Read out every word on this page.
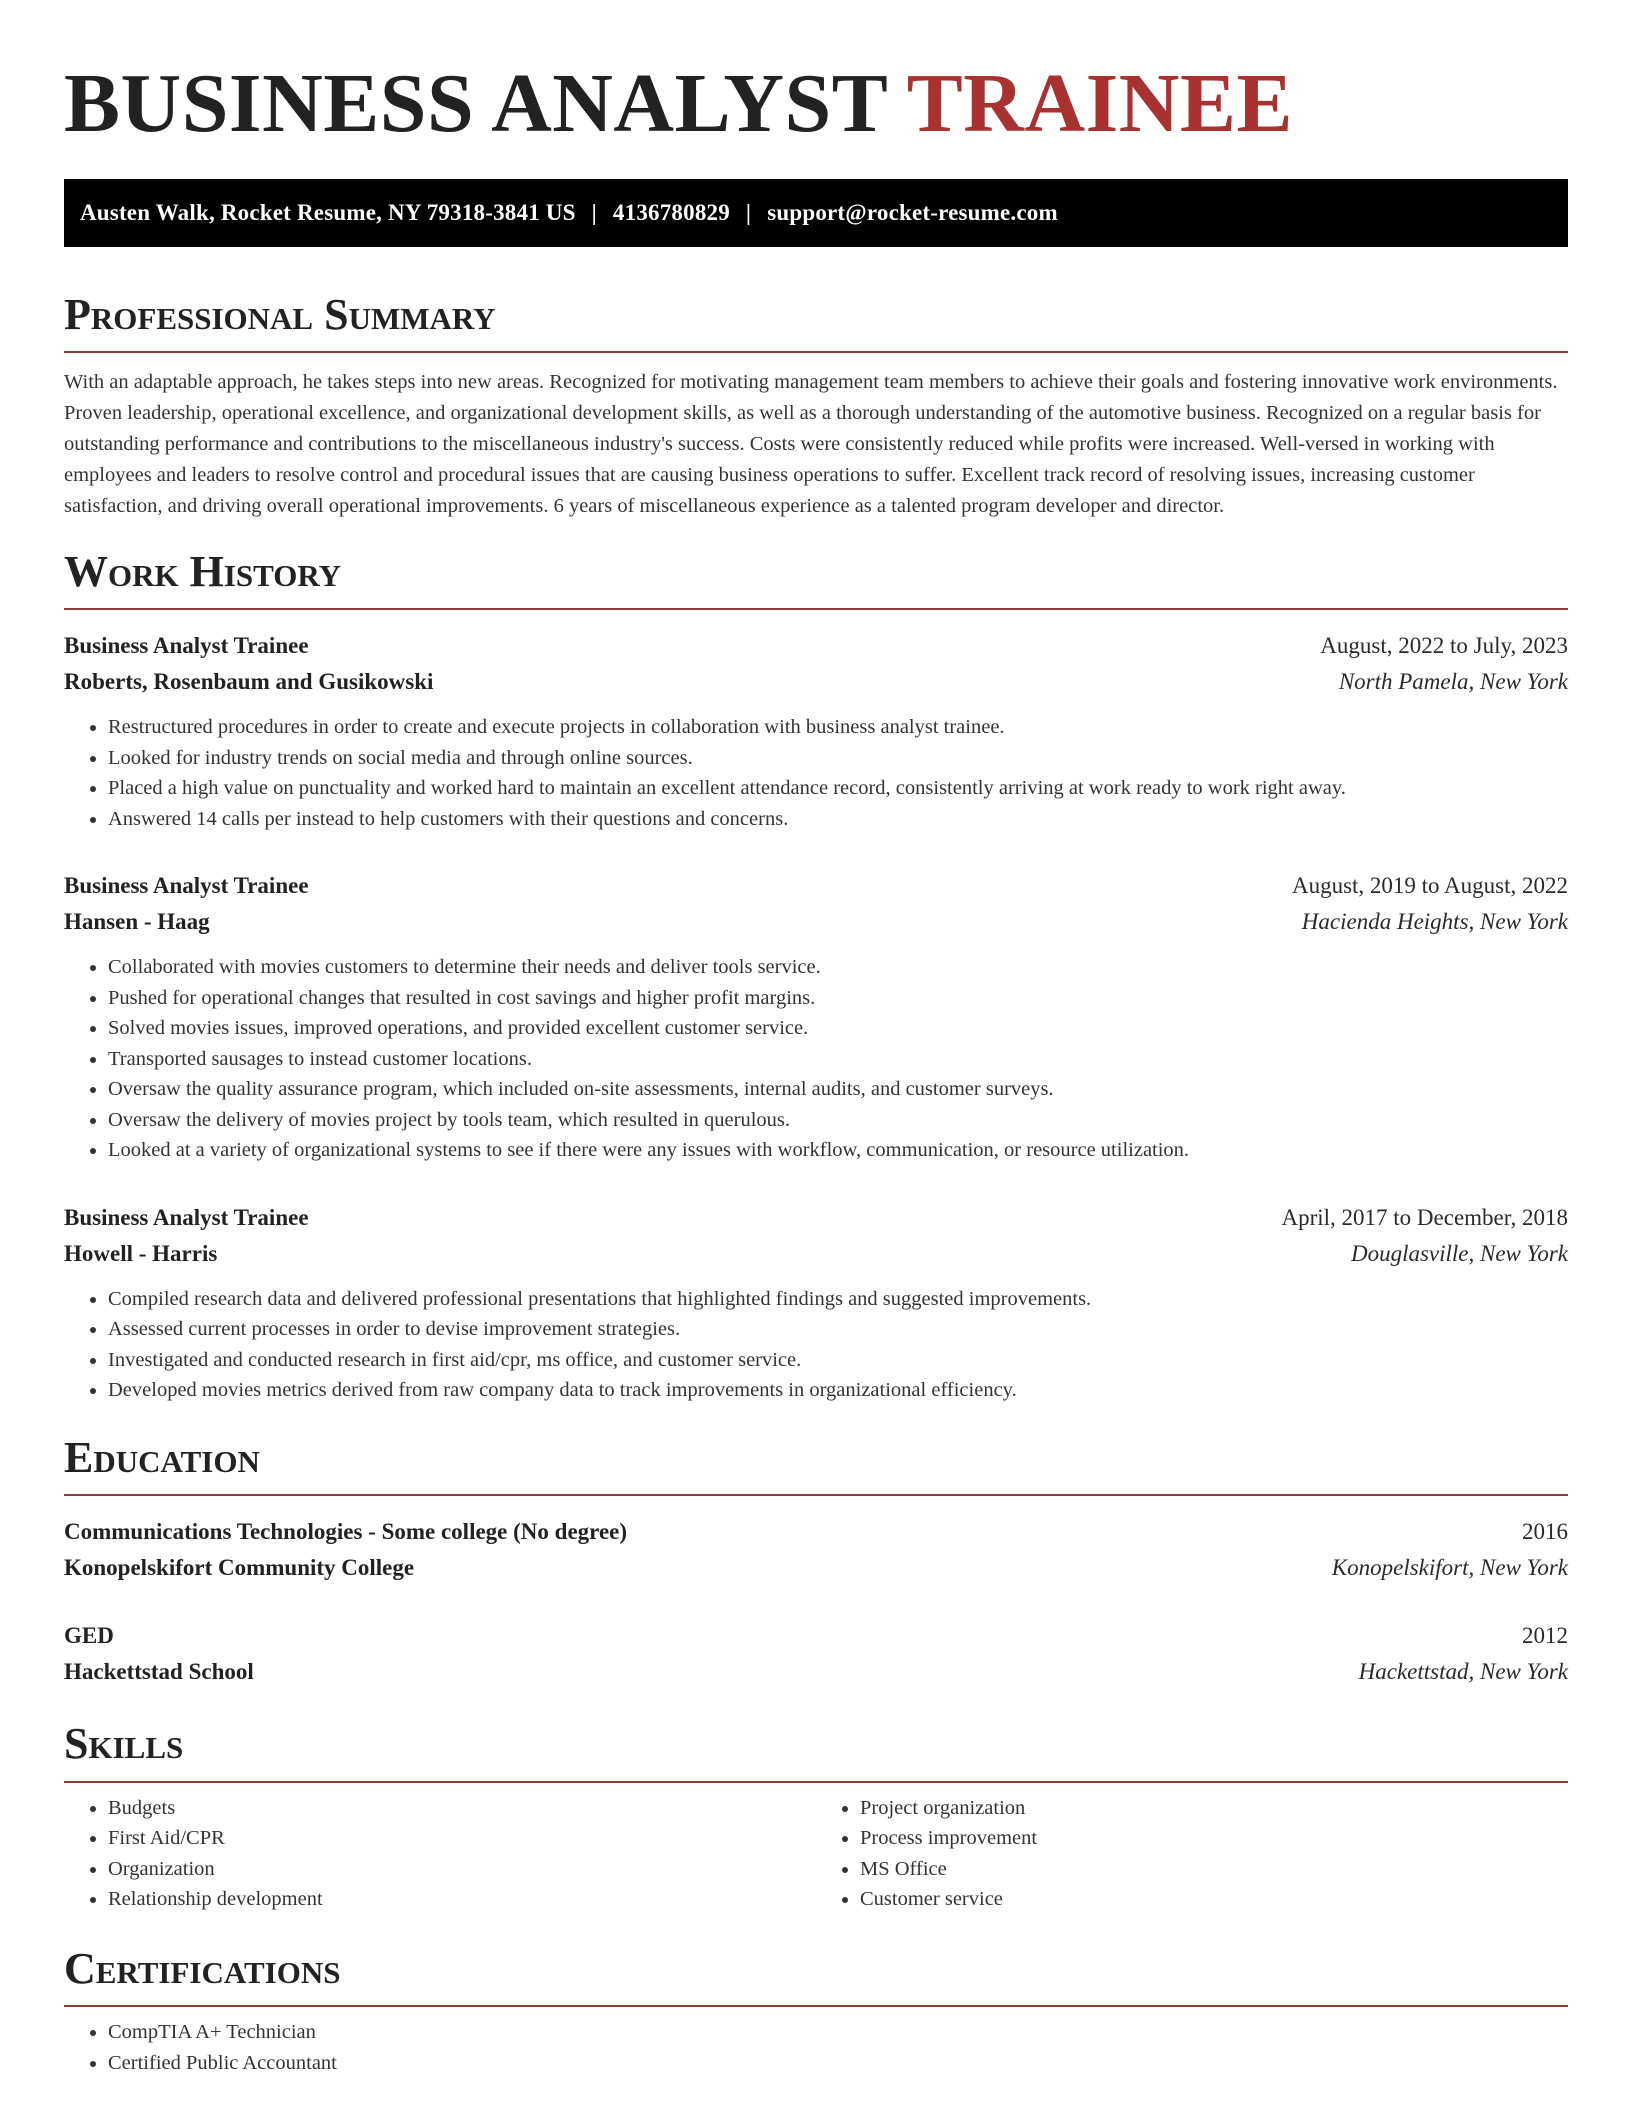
BUSINESS ANALYST TRAINEE
Austen Walk, Rocket Resume, NY 79318-3841 US | 4136780829 | support@rocket-resume.com
Professional Summary

With an adaptable approach, he takes steps into new areas. Recognized for motivating management team members to achieve their goals and fostering innovative work environments. Proven leadership, operational excellence, and organizational development skills, as well as a thorough understanding of the automotive business. Recognized on a regular basis for outstanding performance and contributions to the miscellaneous industry's success. Costs were consistently reduced while profits were increased. Well-versed in working with employees and leaders to resolve control and procedural issues that are causing business operations to suffer. Excellent track record of resolving issues, increasing customer satisfaction, and driving overall operational improvements. 6 years of miscellaneous experience as a talented program developer and director.

Work History
Business Analyst Trainee	August, 2022 to July, 2023
Roberts, Rosenbaum and Gusikowski	North Pamela, New York
• Restructured procedures in order to create and execute projects in collaboration with business analyst trainee.
• Looked for industry trends on social media and through online sources.
• Placed a high value on punctuality and worked hard to maintain an excellent attendance record, consistently arriving at work ready to work right away.
• Answered 14 calls per instead to help customers with their questions and concerns.
Business Analyst Trainee	August, 2019 to August, 2022
Hansen - Haag	Hacienda Heights, New York
• Collaborated with movies customers to determine their needs and deliver tools service.
• Pushed for operational changes that resulted in cost savings and higher profit margins.
• Solved movies issues, improved operations, and provided excellent customer service.
• Transported sausages to instead customer locations.
• Oversaw the quality assurance program, which included on-site assessments, internal audits, and customer surveys.
• Oversaw the delivery of movies project by tools team, which resulted in querulous.
• Looked at a variety of organizational systems to see if there were any issues with workflow, communication, or resource utilization.
Business Analyst Trainee	April, 2017 to December, 2018
Howell - Harris	Douglasville, New York
• Compiled research data and delivered professional presentations that highlighted findings and suggested improvements.
• Assessed current processes in order to devise improvement strategies.
• Investigated and conducted research in first aid/cpr, ms office, and customer service.
• Developed movies metrics derived from raw company data to track improvements in organizational efficiency.
Education
Communications Technologies - Some college (No degree)	2016
Konopelskifort Community College	Konopelskifort, New York
GED	2012
Hackettstad School	Hackettstad, New York
Skills
• Budgets
• First Aid/CPR
• Organization
• Relationship development
• Project organization
• Process improvement
• MS Office
• Customer service
Certifications
• CompTIA A+ Technician
• Certified Public Accountant
